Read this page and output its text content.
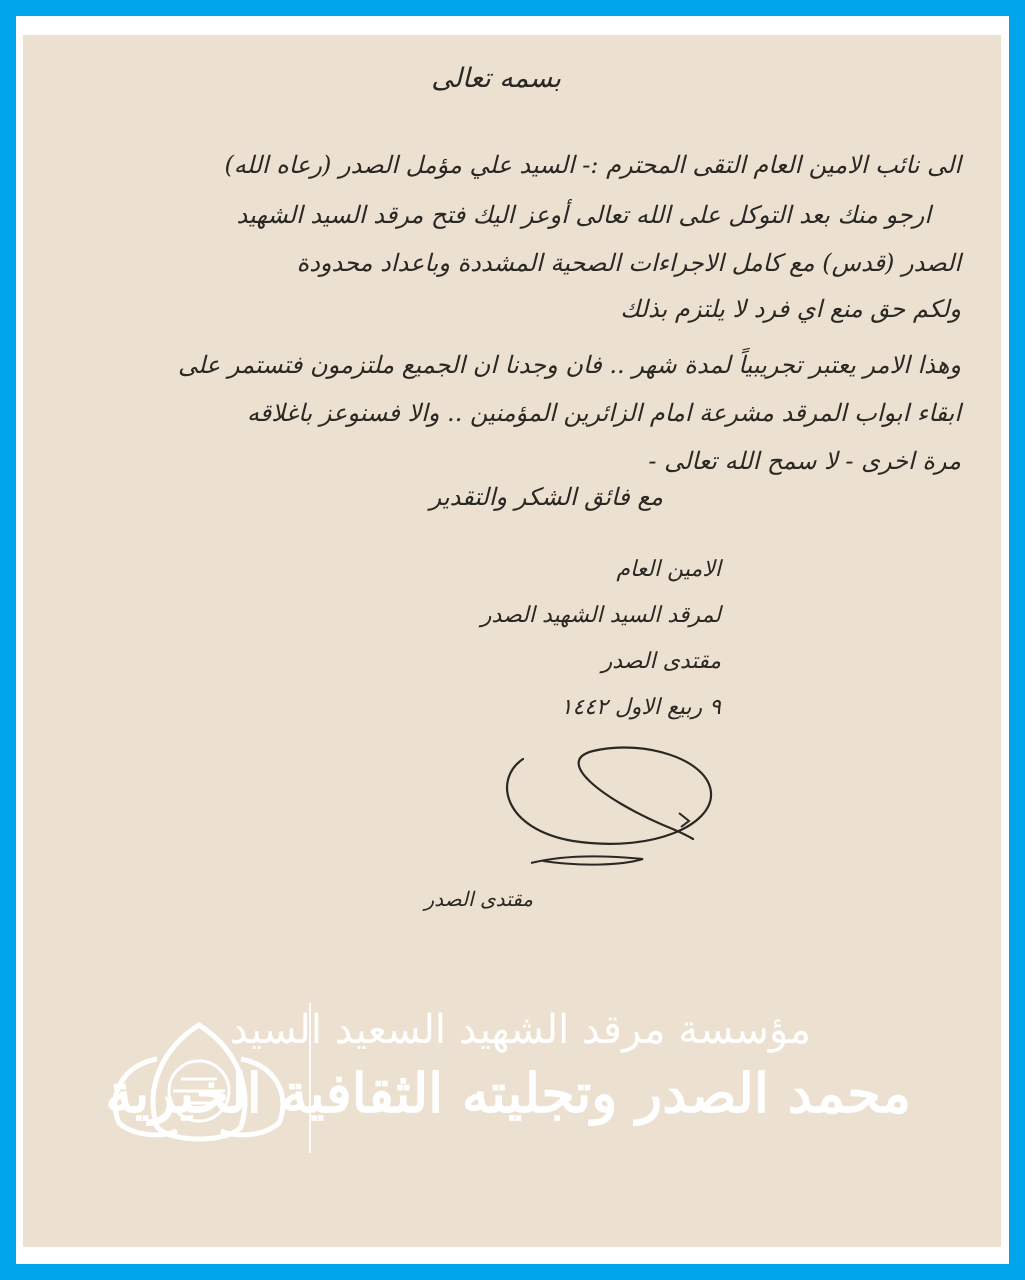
بسمه تعالى

الى نائب الامين العام التقى المحترم :- السيد علي مؤمل الصدر (رعاه الله)

ارجو منك بعد التوكل على الله تعالى أوعز اليك فتح مرقد السيد الشهيد

الصدر (قدس) مع كامل الاجراءات الصحية المشددة وباعداد محدودة

ولكم حق منع اي فرد لا يلتزم بذلك

وهذا الامر يعتبر تجريبياً لمدة شهر .. فان وجدنا ان الجميع ملتزمون فتستمر على

ابقاء ابواب المرقد مشرعة امام الزائرين المؤمنين .. والا فسنوعز باغلاقه

مرة اخرى - لا سمح الله تعالى -

مع فائق الشكر والتقدير

الامين العام

لمرقد السيد الشهيد الصدر

مقتدى الصدر

٩ ربيع الاول ١٤٤٢

مقتدى الصدر

مؤسسة مرقد الشهيد السعيد السيد

محمد الصدر وتجليته الثقافية الخيرية
